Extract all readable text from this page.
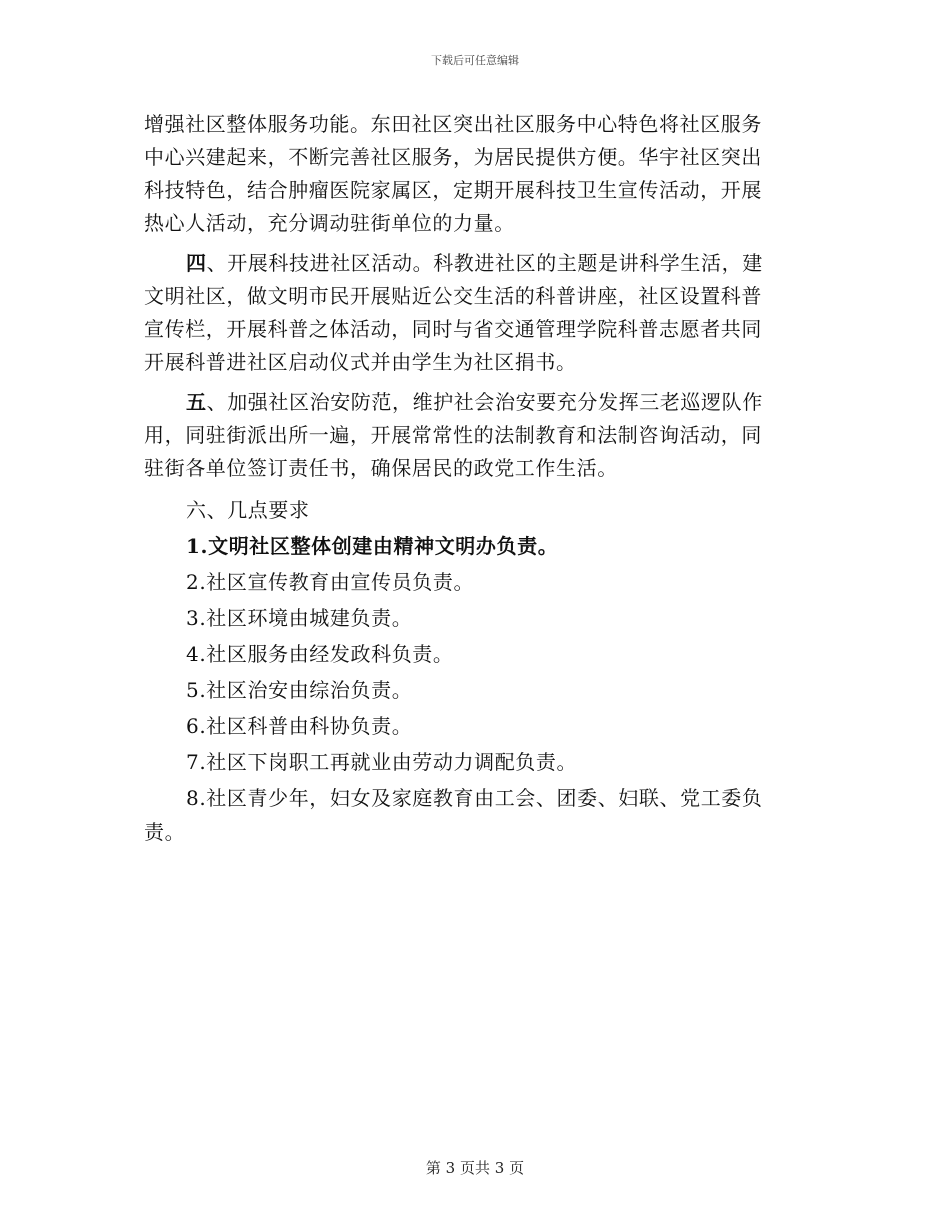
下载后可任意编辑
增强社区整体服务功能。东田社区突出社区服务中心特色将社区服务
中心兴建起来，不断完善社区服务，为居民提供方便。华宇社区突出
科技特色，结合肿瘤医院家属区，定期开展科技卫生宣传活动，开展
热心人活动，充分调动驻街单位的力量。
四、开展科技进社区活动。科教进社区的主题是讲科学生活，建
文明社区，做文明市民开展贴近公交生活的科普讲座，社区设置科普
宣传栏，开展科普之体活动，同时与省交通管理学院科普志愿者共同
开展科普进社区启动仪式并由学生为社区捐书。
五、加强社区治安防范，维护社会治安要充分发挥三老巡逻队作
用，同驻街派出所一遍，开展常常性的法制教育和法制咨询活动，同
驻街各单位签订责任书，确保居民的政党工作生活。
六、几点要求
1.文明社区整体创建由精神文明办负责。
2.社区宣传教育由宣传员负责。
3.社区环境由城建负责。
4.社区服务由经发政科负责。
5.社区治安由综治负责。
6.社区科普由科协负责。
7.社区下岗职工再就业由劳动力调配负责。
8.社区青少年，妇女及家庭教育由工会、团委、妇联、党工委负
责。
第 3 页共 3 页
